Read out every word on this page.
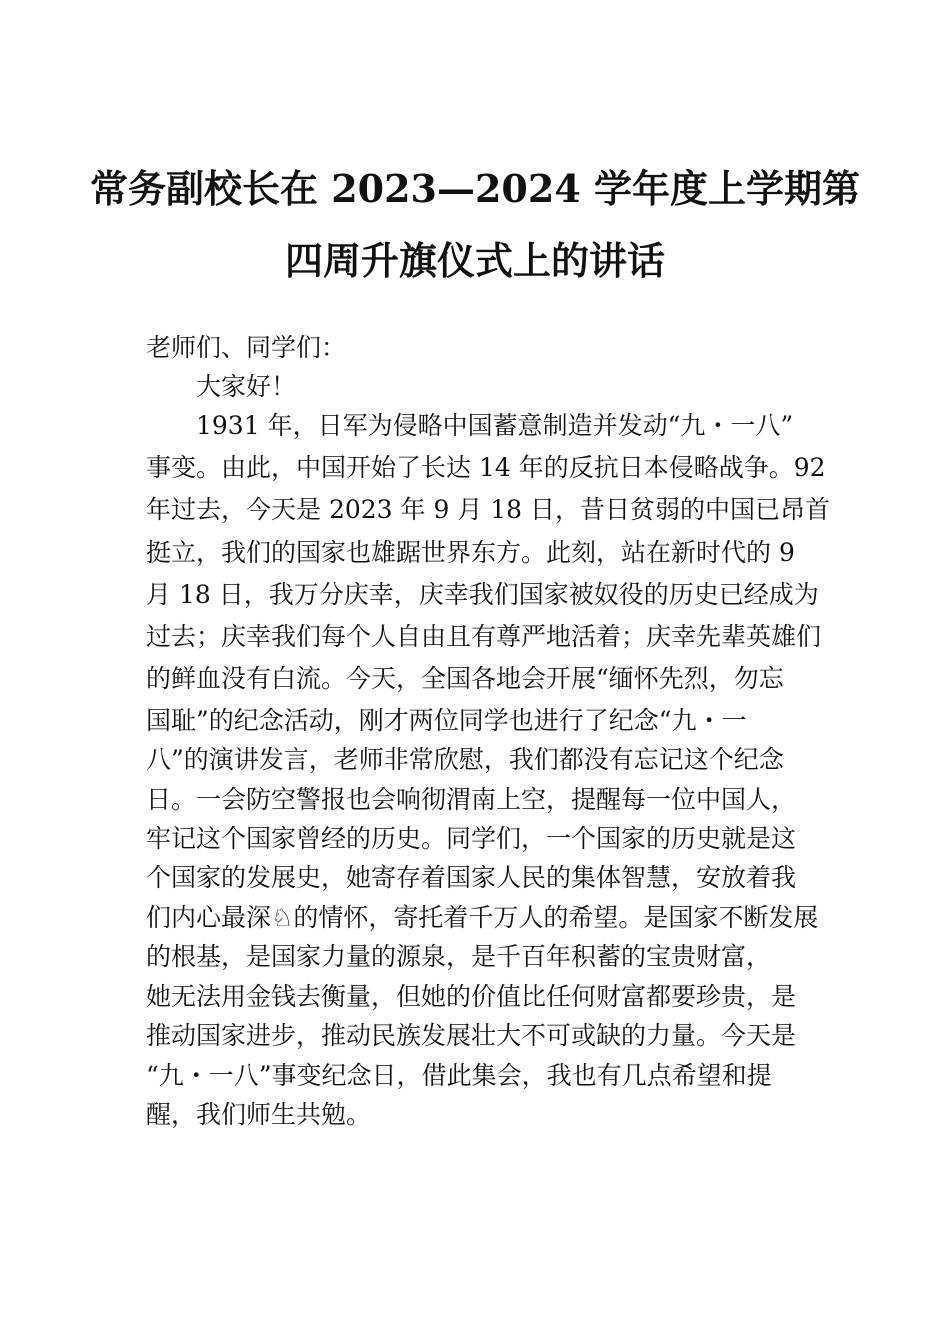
常务副校长在 2023—2024 学年度上学期第
四周升旗仪式上的讲话
老师们、同学们：
大家好！
1931 年，日军为侵略中国蓄意制造并发动“九・一八”
事变。由此，中国开始了长达 14 年的反抗日本侵略战争。92
年过去，今天是 2023 年 9 月 18 日，昔日贫弱的中国已昂首
挺立，我们的国家也雄踞世界东方。此刻，站在新时代的 9
月 18 日，我万分庆幸，庆幸我们国家被奴役的历史已经成为
过去；庆幸我们每个人自由且有尊严地活着；庆幸先辈英雄们
的鲜血没有白流。今天，全国各地会开展“缅怀先烈，勿忘
国耻”的纪念活动，刚才两位同学也进行了纪念“九・一
八”的演讲发言，老师非常欣慰，我们都没有忘记这个纪念
日。一会防空警报也会响彻渭南上空，提醒每一位中国人，
牢记这个国家曾经的历史。同学们，一个国家的历史就是这
个国家的发展史，她寄存着国家人民的集体智慧，安放着我
们内心最深♘的情怀，寄托着千万人的希望。是国家不断发展
的根基，是国家力量的源泉，是千百年积蓄的宝贵财富，
她无法用金钱去衡量，但她的价值比任何财富都要珍贵，是
推动国家进步，推动民族发展壮大不可或缺的力量。今天是
“九・一八”事变纪念日，借此集会，我也有几点希望和提
醒，我们师生共勉。
